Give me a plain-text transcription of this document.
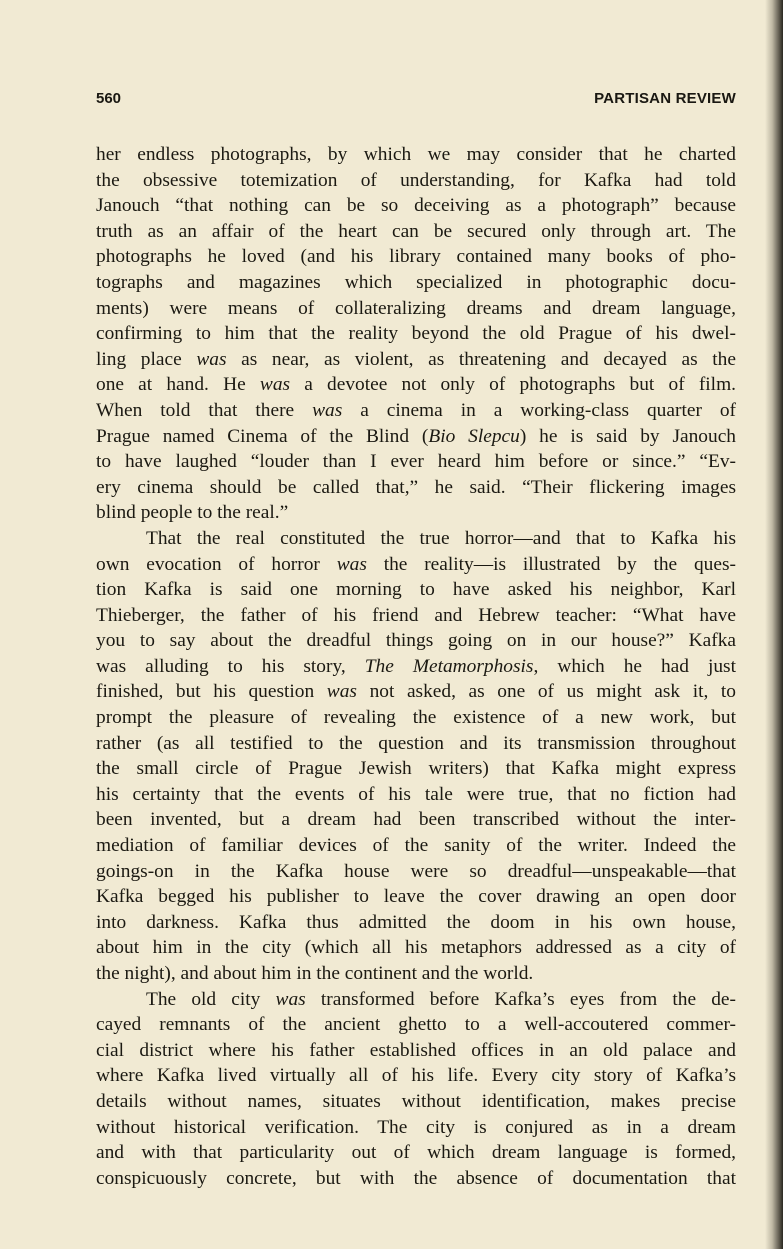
560	PARTISAN REVIEW

her endless photographs, by which we may consider that he charted
the obsessive totemization of understanding, for Kafka had told
Janouch “that nothing can be so deceiving as a photograph” because
truth as an affair of the heart can be secured only through art. The
photographs he loved (and his library contained many books of pho-
tographs and magazines which specialized in photographic docu-
ments) were means of collateralizing dreams and dream language,
confirming to him that the reality beyond the old Prague of his dwel-
ling place was as near, as violent, as threatening and decayed as the
one at hand. He was a devotee not only of photographs but of film.
When told that there was a cinema in a working-class quarter of
Prague named Cinema of the Blind (Bio Slepcu) he is said by Janouch
to have laughed “louder than I ever heard him before or since.” “Ev-
ery cinema should be called that,” he said. “Their flickering images
blind people to the real.”

That the real constituted the true horror—and that to Kafka his
own evocation of horror was the reality—is illustrated by the ques-
tion Kafka is said one morning to have asked his neighbor, Karl
Thieberger, the father of his friend and Hebrew teacher: “What have
you to say about the dreadful things going on in our house?” Kafka
was alluding to his story, The Metamorphosis, which he had just
finished, but his question was not asked, as one of us might ask it, to
prompt the pleasure of revealing the existence of a new work, but
rather (as all testified to the question and its transmission throughout
the small circle of Prague Jewish writers) that Kafka might express
his certainty that the events of his tale were true, that no fiction had
been invented, but a dream had been transcribed without the inter-
mediation of familiar devices of the sanity of the writer. Indeed the
goings-on in the Kafka house were so dreadful—unspeakable—that
Kafka begged his publisher to leave the cover drawing an open door
into darkness. Kafka thus admitted the doom in his own house,
about him in the city (which all his metaphors addressed as a city of
the night), and about him in the continent and the world.

The old city was transformed before Kafka’s eyes from the de-
cayed remnants of the ancient ghetto to a well-accoutered commer-
cial district where his father established offices in an old palace and
where Kafka lived virtually all of his life. Every city story of Kafka’s
details without names, situates without identification, makes precise
without historical verification. The city is conjured as in a dream
and with that particularity out of which dream language is formed,
conspicuously concrete, but with the absence of documentation that
